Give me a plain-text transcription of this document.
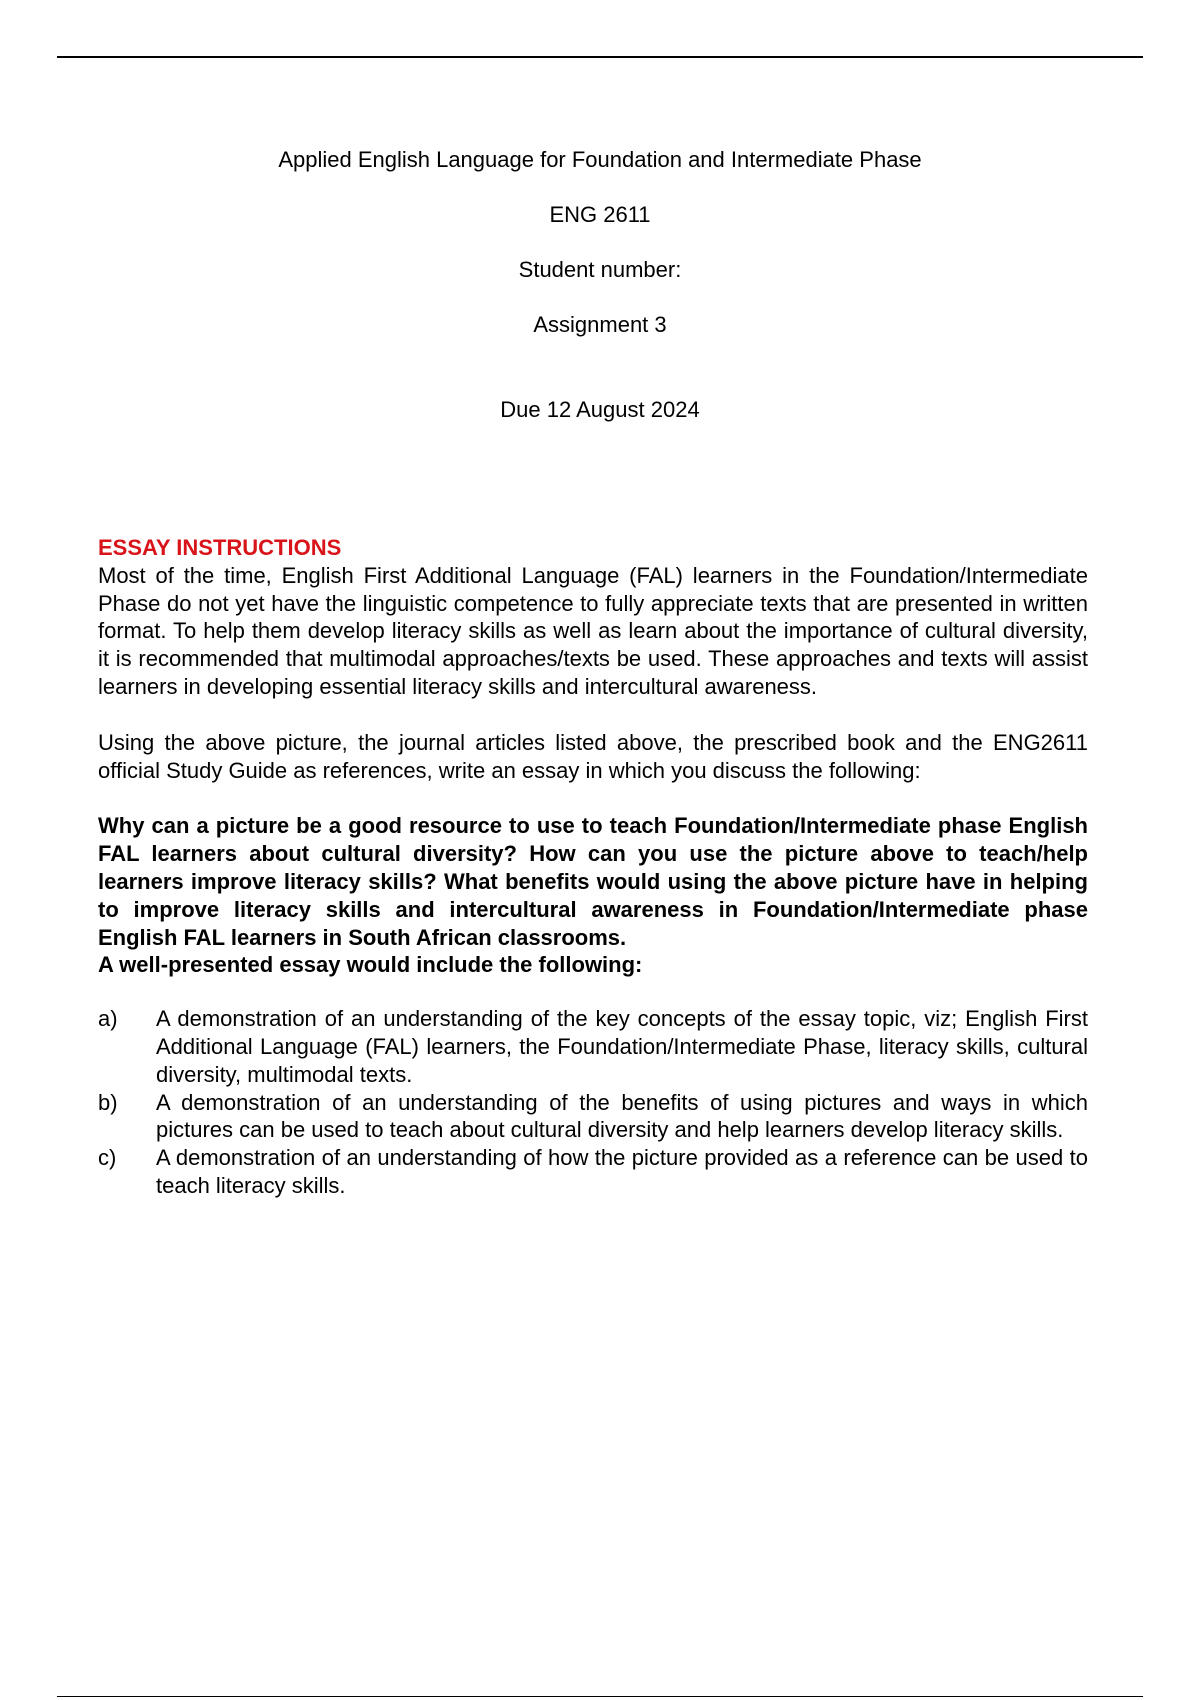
Applied English Language for Foundation and Intermediate Phase
ENG 2611
Student number:
Assignment 3
Due 12 August 2024

ESSAY INSTRUCTIONS

Most of the time, English First Additional Language (FAL) learners in the Foundation/Intermediate Phase do not yet have the linguistic competence to fully appreciate texts that are presented in written format. To help them develop literacy skills as well as learn about the importance of cultural diversity, it is recommended that multimodal approaches/texts be used. These approaches and texts will assist learners in developing essential literacy skills and intercultural awareness.

Using the above picture, the journal articles listed above, the prescribed book and the ENG2611 official Study Guide as references, write an essay in which you discuss the following:

Why can a picture be a good resource to use to teach Foundation/Intermediate phase English FAL learners about cultural diversity? How can you use the picture above to teach/help learners improve literacy skills? What benefits would using the above picture have in helping to improve literacy skills and intercultural awareness in Foundation/Intermediate phase English FAL learners in South African classrooms.

A well-presented essay would include the following:

a) A demonstration of an understanding of the key concepts of the essay topic, viz; English First Additional Language (FAL) learners, the Foundation/Intermediate Phase, literacy skills, cultural diversity, multimodal texts.
b) A demonstration of an understanding of the benefits of using pictures and ways in which pictures can be used to teach about cultural diversity and help learners develop literacy skills.
c) A demonstration of an understanding of how the picture provided as a reference can be used to teach literacy skills.
